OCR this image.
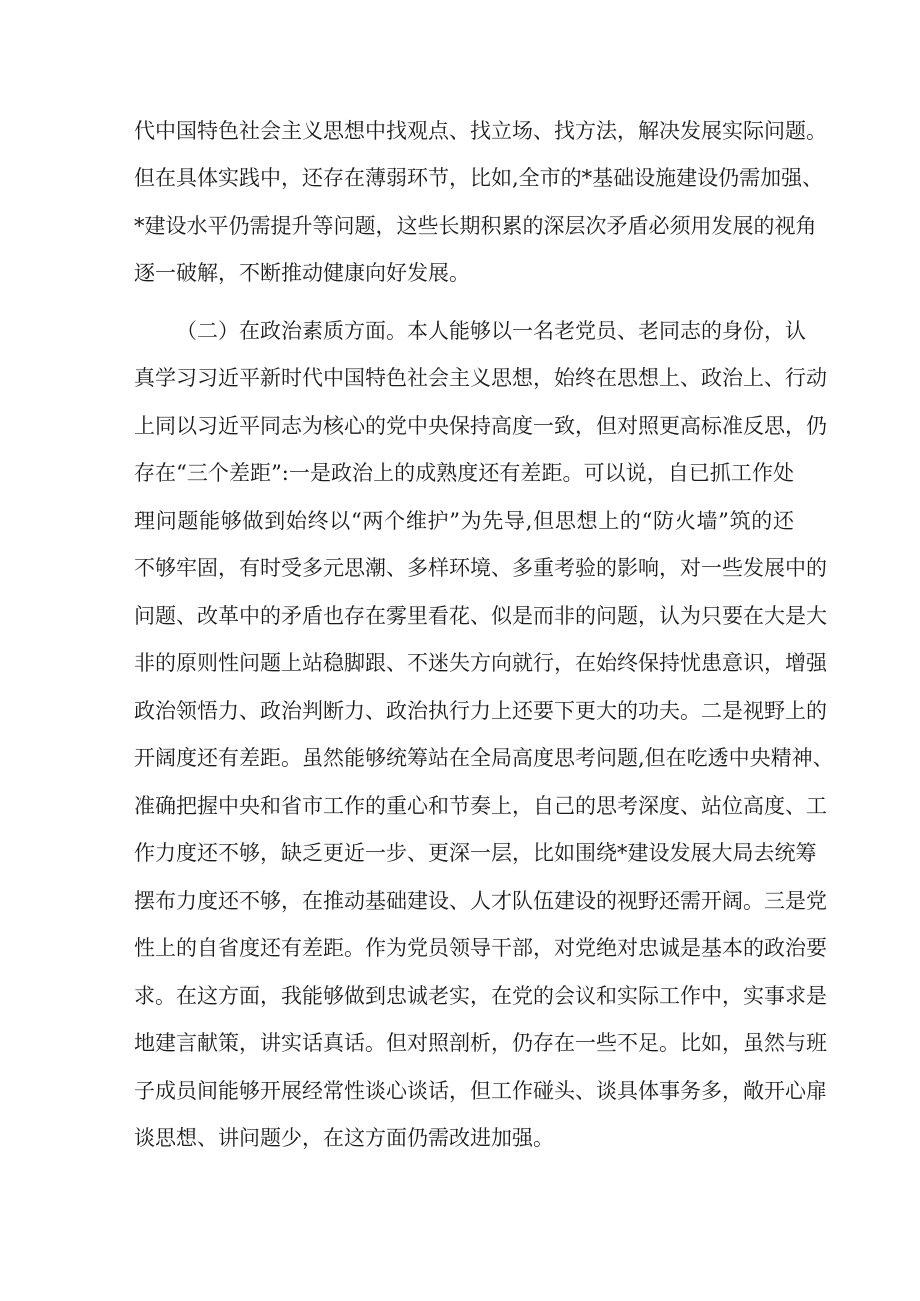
代中国特色社会主义思想中找观点、找立场、找方法，解决发展实际问题。
但在具体实践中，还存在薄弱环节，比如,全市的*基础设施建设仍需加强、
*建设水平仍需提升等问题，这些长期积累的深层次矛盾必须用发展的视角
逐一破解，不断推动健康向好发展。
（二）在政治素质方面。本人能够以一名老党员、老同志的身份，认
真学习习近平新时代中国特色社会主义思想，始终在思想上、政治上、行动
上同以习近平同志为核心的党中央保持高度一致，但对照更高标准反思，仍
存在“三个差距”:一是政治上的成熟度还有差距。可以说，自已抓工作处
理问题能够做到始终以“两个维护”为先导,但思想上的“防火墙”筑的还
不够牢固，有时受多元思潮、多样环境、多重考验的影响，对一些发展中的
问题、改革中的矛盾也存在雾里看花、似是而非的问题，认为只要在大是大
非的原则性问题上站稳脚跟、不迷失方向就行，在始终保持忧患意识，增强
政治领悟力、政治判断力、政治执行力上还要下更大的功夫。二是视野上的
开阔度还有差距。虽然能够统筹站在全局高度思考问题,但在吃透中央精神、
准确把握中央和省市工作的重心和节奏上，自己的思考深度、站位高度、工
作力度还不够，缺乏更近一步、更深一层，比如围绕*建设发展大局去统筹
摆布力度还不够，在推动基础建设、人才队伍建设的视野还需开阔。三是党
性上的自省度还有差距。作为党员领导干部，对党绝对忠诚是基本的政治要
求。在这方面，我能够做到忠诚老实，在党的会议和实际工作中，实事求是
地建言献策，讲实话真话。但对照剖析，仍存在一些不足。比如，虽然与班
子成员间能够开展经常性谈心谈话，但工作碰头、谈具体事务多，敞开心扉
谈思想、讲问题少，在这方面仍需改进加强。
